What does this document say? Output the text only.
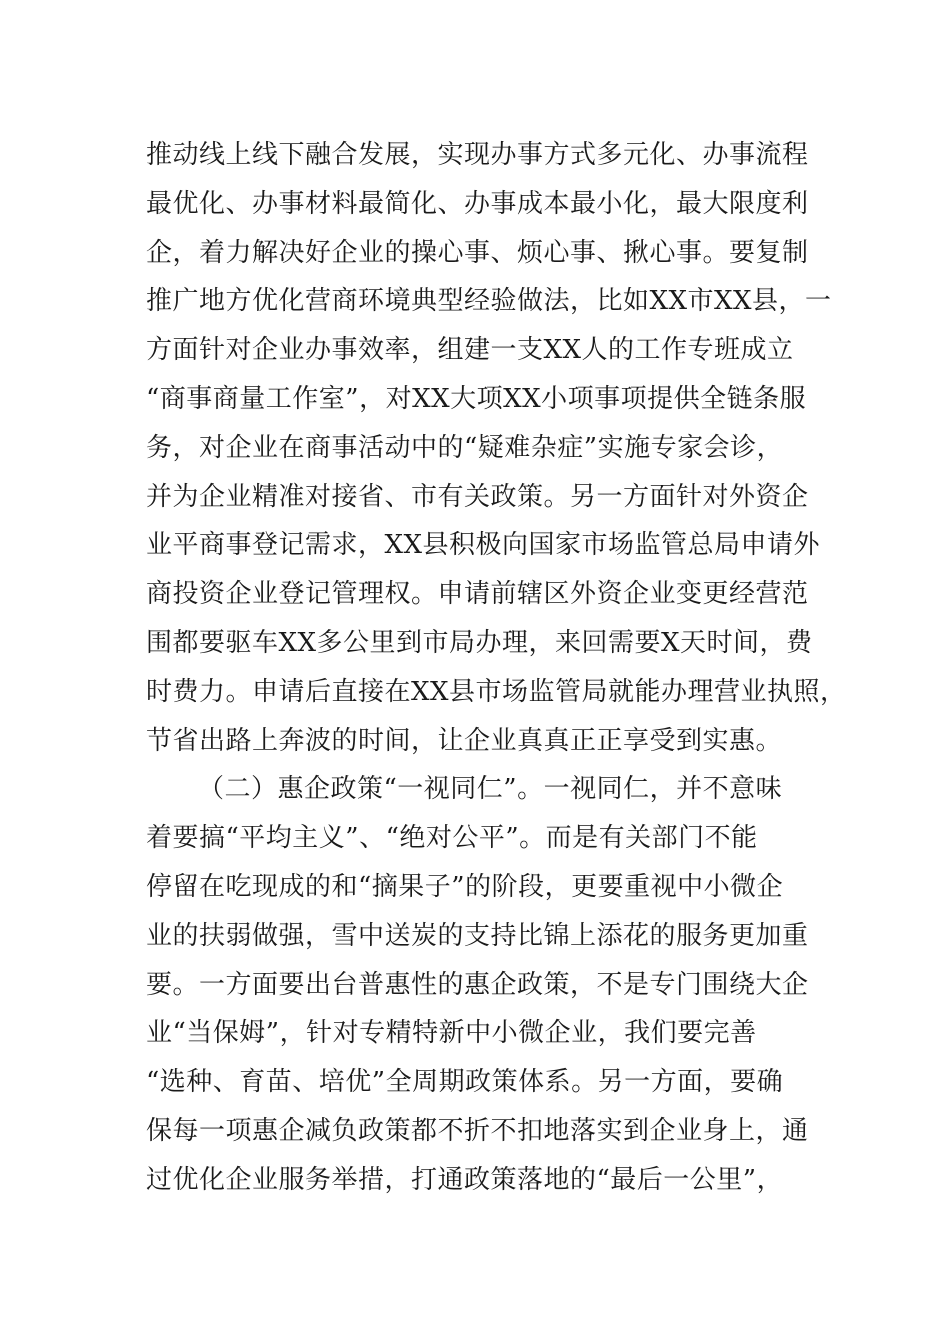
推动线上线下融合发展，实现办事方式多元化、办事流程
最优化、办事材料最简化、办事成本最小化，最大限度利
企，着力解决好企业的操心事、烦心事、揪心事。要复制
推广地方优化营商环境典型经验做法，比如XX市XX县，一
方面针对企业办事效率，组建一支XX人的工作专班成立
“商事商量工作室”，对XX大项XX小项事项提供全链条服
务，对企业在商事活动中的“疑难杂症”实施专家会诊，
并为企业精准对接省、市有关政策。另一方面针对外资企
业平商事登记需求，XX县积极向国家市场监管总局申请外
商投资企业登记管理权。申请前辖区外资企业变更经营范
围都要驱车XX多公里到市局办理，来回需要X天时间，费
时费力。申请后直接在XX县市场监管局就能办理营业执照，
节省出路上奔波的时间，让企业真真正正享受到实惠。
（二）惠企政策“一视同仁”。一视同仁，并不意味
着要搞“平均主义”、“绝对公平”。而是有关部门不能
停留在吃现成的和“摘果子”的阶段，更要重视中小微企
业的扶弱做强，雪中送炭的支持比锦上添花的服务更加重
要。一方面要出台普惠性的惠企政策，不是专门围绕大企
业“当保姆”，针对专精特新中小微企业，我们要完善
“选种、育苗、培优”全周期政策体系。另一方面，要确
保每一项惠企减负政策都不折不扣地落实到企业身上，通
过优化企业服务举措，打通政策落地的“最后一公里”，
